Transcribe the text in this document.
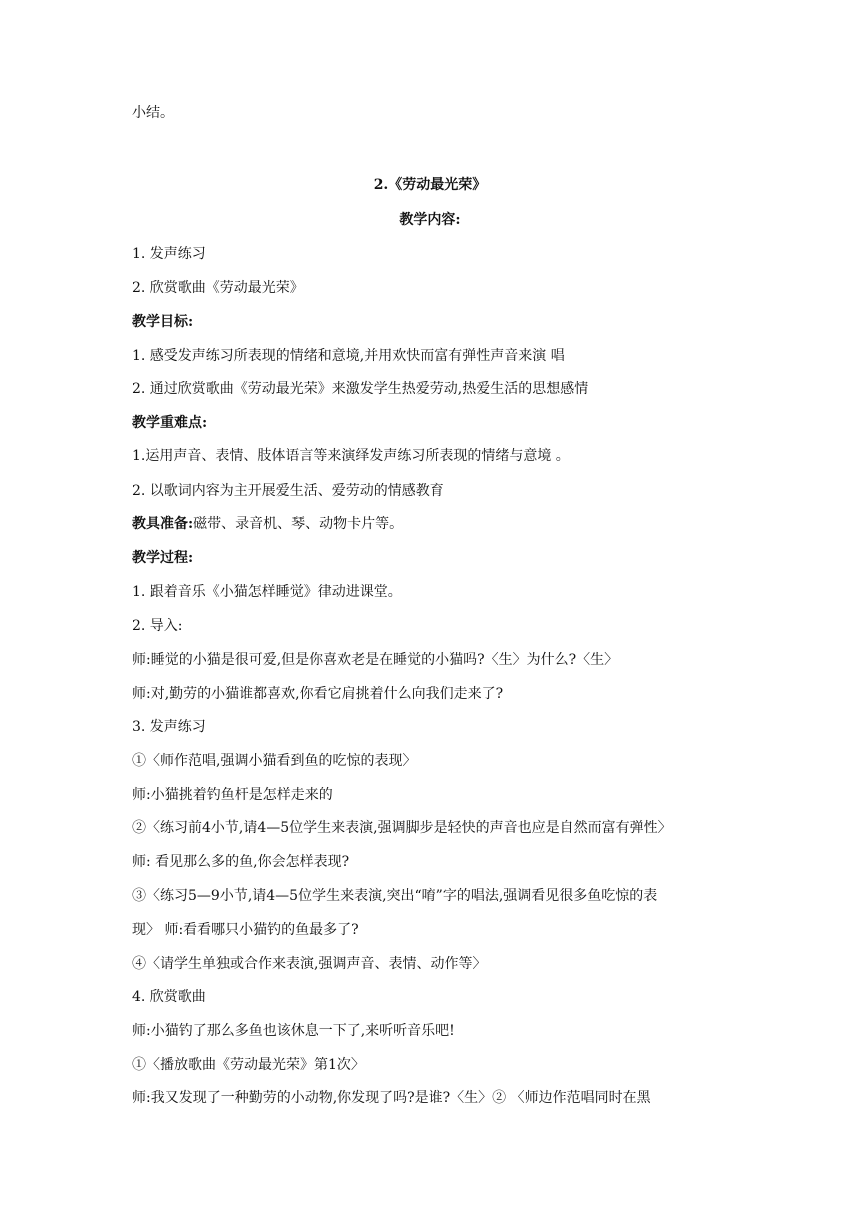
小结。
2.《劳动最光荣》
教学内容:
1. 发声练习
2. 欣赏歌曲《劳动最光荣》
教学目标:
1. 感受发声练习所表现的情绪和意境,并用欢快而富有弹性声音来演 唱
2. 通过欣赏歌曲《劳动最光荣》来激发学生热爱劳动,热爱生活的思想感情
教学重难点:
1.运用声音、表情、肢体语言等来演绎发声练习所表现的情绪与意境 。
2. 以歌词内容为主开展爱生活、爱劳动的情感教育
教具准备:磁带、录音机、琴、动物卡片等。
教学过程:
1. 跟着音乐《小猫怎样睡觉》律动进课堂。
2. 导入:
师:睡觉的小猫是很可爱,但是你喜欢老是在睡觉的小猫吗?〈生〉为什么?〈生〉
师:对,勤劳的小猫谁都喜欢,你看它肩挑着什么向我们走来了?
3. 发声练习
①〈师作范唱,强调小猫看到鱼的吃惊的表现〉
师:小猫挑着钓鱼杆是怎样走来的
②〈练习前4小节,请4—5位学生来表演,强调脚步是轻快的声音也应是自然而富有弹性〉
师: 看见那么多的鱼,你会怎样表现?
③〈练习5—9小节,请4—5位学生来表演,突出“唷”字的唱法,强调看见很多鱼吃惊的表
现〉 师:看看哪只小猫钓的鱼最多了?
④〈请学生单独或合作来表演,强调声音、表情、动作等〉
4. 欣赏歌曲
师:小猫钓了那么多鱼也该休息一下了,来听听音乐吧!
①〈播放歌曲《劳动最光荣》第1次〉
师:我又发现了一种勤劳的小动物,你发现了吗?是谁?〈生〉② 〈师边作范唱同时在黑
